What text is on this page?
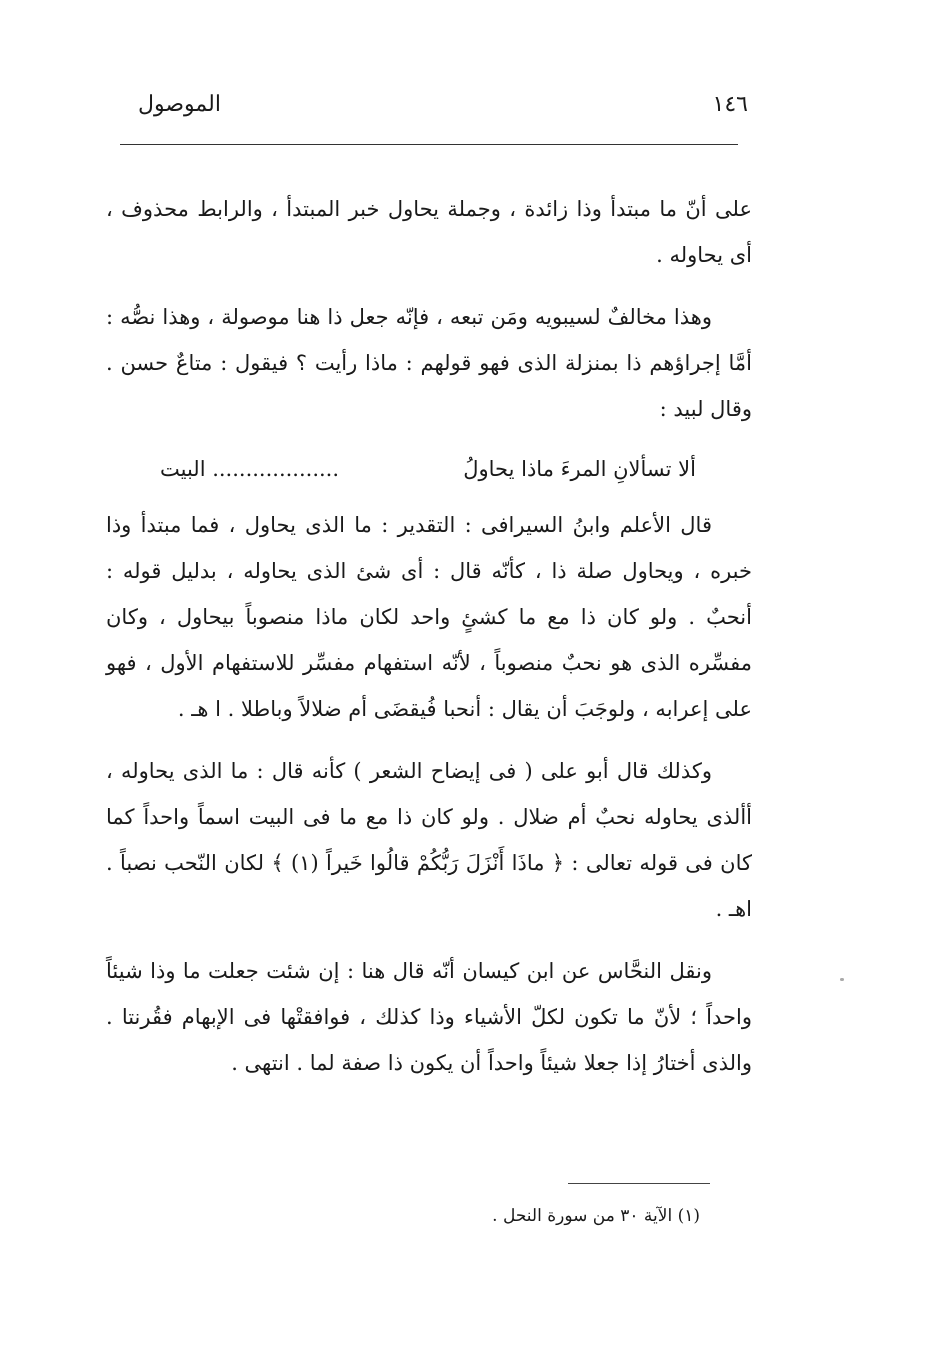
١٤٦
الموصول

على أنّ ما مبتدأ وذا زائدة ، وجملة يحاول خبر المبتدأ ، والرابط محذوف ، أى يحاوله .

وهذا مخالفٌ لسيبويه ومَن تبعه ، فإنّه جعل ذا هنا موصولة ، وهذا نصُّه : أمَّا إجراؤهم ذا بمنزلة الذى فهو قولهم : ماذا رأيت ؟ فيقول : متاعٌ حسن . وقال لبيد :

ألا تسألانِ المرءَ ماذا يحاولُ
................... البيت

قال الأعلم وابنُ السيرافى : التقدير : ما الذى يحاول ، فما مبتدأ وذا خبره ، ويحاول صلة ذا ، كأنّه قال : أى شئ الذى يحاوله ، بدليل قوله : أنحبٌ . ولو كان ذا مع ما كشئٍ واحد لكان ماذا منصوباً بيحاول ، وكان مفسِّره الذى هو نحبٌ منصوباً ، لأنّه استفهام مفسِّر للاستفهام الأول ، فهو على إعرابه ، ولوجَبَ أن يقال : أنحبا فُيقضَى أم ضلالاً وباطلا . ا هـ .

وكذلك قال أبو على ( فى إيضاح الشعر ) كأنه قال : ما الذى يحاوله ، أألذى يحاوله نحبٌ أم ضلال . ولو كان ذا مع ما فى البيت اسماً واحداً كما كان فى قوله تعالى : ﴿ ماذَا أَنْزَلَ رَبُّكُمْ قالُوا خَيراً (١) ﴾ لكان النّحب نصباً . اهـ .

ونقل النحَّاس عن ابن كيسان أنّه قال هنا : إن شئت جعلت ما وذا شيئاً واحداً ؛ لأنّ ما تكون لكلّ الأشياء وذا كذلك ، فوافقتْها فى الإبهام فقُرنتا . والذى أختارُ إذا جعلا شيئاً واحداً أن يكون ذا صفة لما . انتهى .

(١) الآية ٣٠ من سورة النحل .
